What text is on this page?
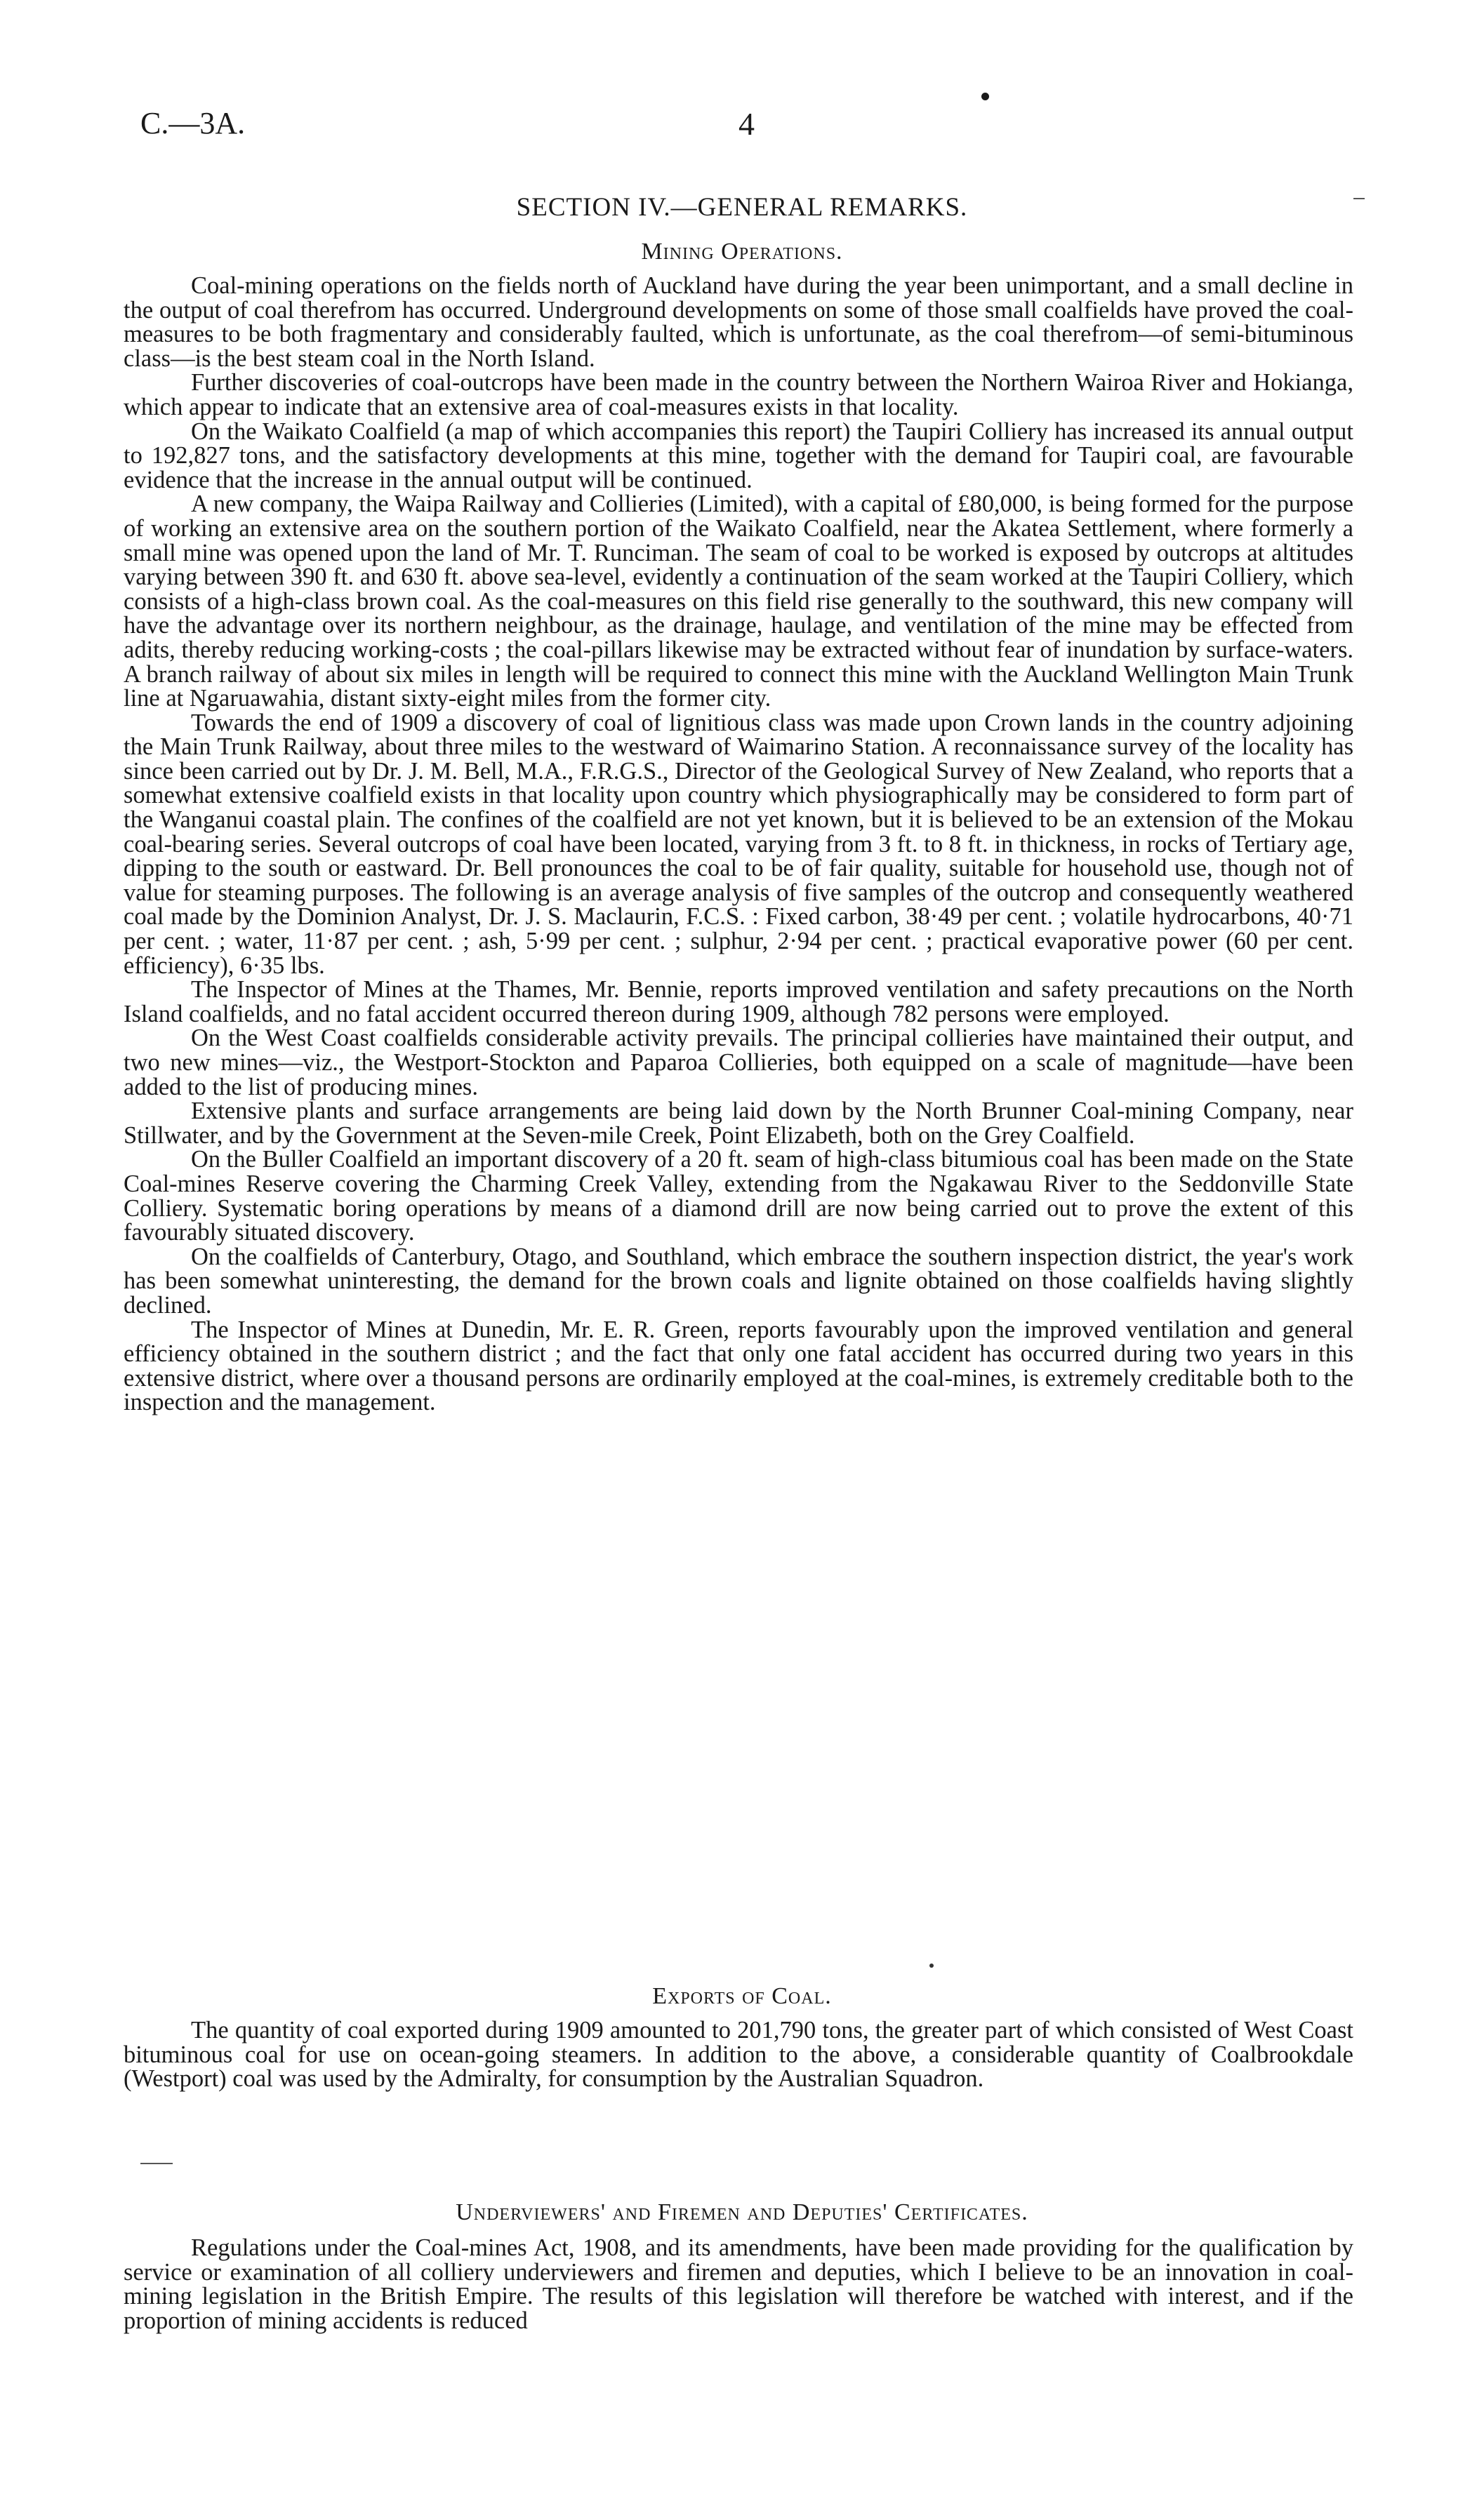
C.—3A.	4
SECTION IV.—GENERAL REMARKS.
Mining Operations.

Coal-mining operations on the fields north of Auckland have during the year been unimportant, and a small decline in the output of coal therefrom has occurred. Underground developments on some of those small coalfields have proved the coal-measures to be both fragmentary and considerably faulted, which is unfortunate, as the coal therefrom—of semi-bituminous class—is the best steam coal in the North Island.

Further discoveries of coal-outcrops have been made in the country between the Northern Wairoa River and Hokianga, which appear to indicate that an extensive area of coal-measures exists in that locality.

On the Waikato Coalfield (a map of which accompanies this report) the Taupiri Colliery has increased its annual output to 192,827 tons, and the satisfactory developments at this mine, together with the demand for Taupiri coal, are favourable evidence that the increase in the annual output will be continued.

A new company, the Waipa Railway and Collieries (Limited), with a capital of £80,000, is being formed for the purpose of working an extensive area on the southern portion of the Waikato Coalfield, near the Akatea Settlement, where formerly a small mine was opened upon the land of Mr. T. Runciman. The seam of coal to be worked is exposed by outcrops at altitudes varying between 390 ft. and 630 ft. above sea-level, evidently a continuation of the seam worked at the Taupiri Colliery, which consists of a high-class brown coal. As the coal-measures on this field rise generally to the southward, this new company will have the advantage over its northern neighbour, as the drainage, haulage, and ventilation of the mine may be effected from adits, thereby reducing working-costs ; the coal-pillars likewise may be extracted without fear of inundation by surface-waters. A branch railway of about six miles in length will be required to connect this mine with the Auckland Wellington Main Trunk line at Ngaruawahia, distant sixty-eight miles from the former city.

Towards the end of 1909 a discovery of coal of lignitious class was made upon Crown lands in the country adjoining the Main Trunk Railway, about three miles to the westward of Waimarino Station. A reconnaissance survey of the locality has since been carried out by Dr. J. M. Bell, M.A., F.R.G.S., Director of the Geological Survey of New Zealand, who reports that a somewhat extensive coalfield exists in that locality upon country which physiographically may be considered to form part of the Wanganui coastal plain. The confines of the coalfield are not yet known, but it is believed to be an extension of the Mokau coal-bearing series. Several outcrops of coal have been located, varying from 3 ft. to 8 ft. in thickness, in rocks of Tertiary age, dipping to the south or eastward. Dr. Bell pronounces the coal to be of fair quality, suitable for household use, though not of value for steaming purposes. The following is an average analysis of five samples of the outcrop and consequently weathered coal made by the Dominion Analyst, Dr. J. S. Maclaurin, F.C.S. : Fixed carbon, 38·49 per cent. ; volatile hydrocarbons, 40·71 per cent. ; water, 11·87 per cent. ; ash, 5·99 per cent. ; sulphur, 2·94 per cent. ; practical evaporative power (60 per cent. efficiency), 6·35 lbs.

The Inspector of Mines at the Thames, Mr. Bennie, reports improved ventilation and safety precautions on the North Island coalfields, and no fatal accident occurred thereon during 1909, although 782 persons were employed.

On the West Coast coalfields considerable activity prevails. The principal collieries have maintained their output, and two new mines—viz., the Westport-Stockton and Paparoa Collieries, both equipped on a scale of magnitude—have been added to the list of producing mines.

Extensive plants and surface arrangements are being laid down by the North Brunner Coal-mining Company, near Stillwater, and by the Government at the Seven-mile Creek, Point Elizabeth, both on the Grey Coalfield.

On the Buller Coalfield an important discovery of a 20 ft. seam of high-class bitumious coal has been made on the State Coal-mines Reserve covering the Charming Creek Valley, extending from the Ngakawau River to the Seddonville State Colliery. Systematic boring operations by means of a diamond drill are now being carried out to prove the extent of this favourably situated discovery.

On the coalfields of Canterbury, Otago, and Southland, which embrace the southern inspection district, the year's work has been somewhat uninteresting, the demand for the brown coals and lignite obtained on those coalfields having slightly declined.

The Inspector of Mines at Dunedin, Mr. E. R. Green, reports favourably upon the improved ventilation and general efficiency obtained in the southern district ; and the fact that only one fatal accident has occurred during two years in this extensive district, where over a thousand persons are ordinarily employed at the coal-mines, is extremely creditable both to the inspection and the management.

Exports of Coal.

The quantity of coal exported during 1909 amounted to 201,790 tons, the greater part of which consisted of West Coast bituminous coal for use on ocean-going steamers. In addition to the above, a considerable quantity of Coalbrookdale (Westport) coal was used by the Admiralty, for consumption by the Australian Squadron.

Underviewers' and Firemen and Deputies' Certificates.

Regulations under the Coal-mines Act, 1908, and its amendments, have been made providing for the qualification by service or examination of all colliery underviewers and firemen and deputies, which I believe to be an innovation in coal-mining legislation in the British Empire. The results of this legislation will therefore be watched with interest, and if the proportion of mining accidents is reduced
